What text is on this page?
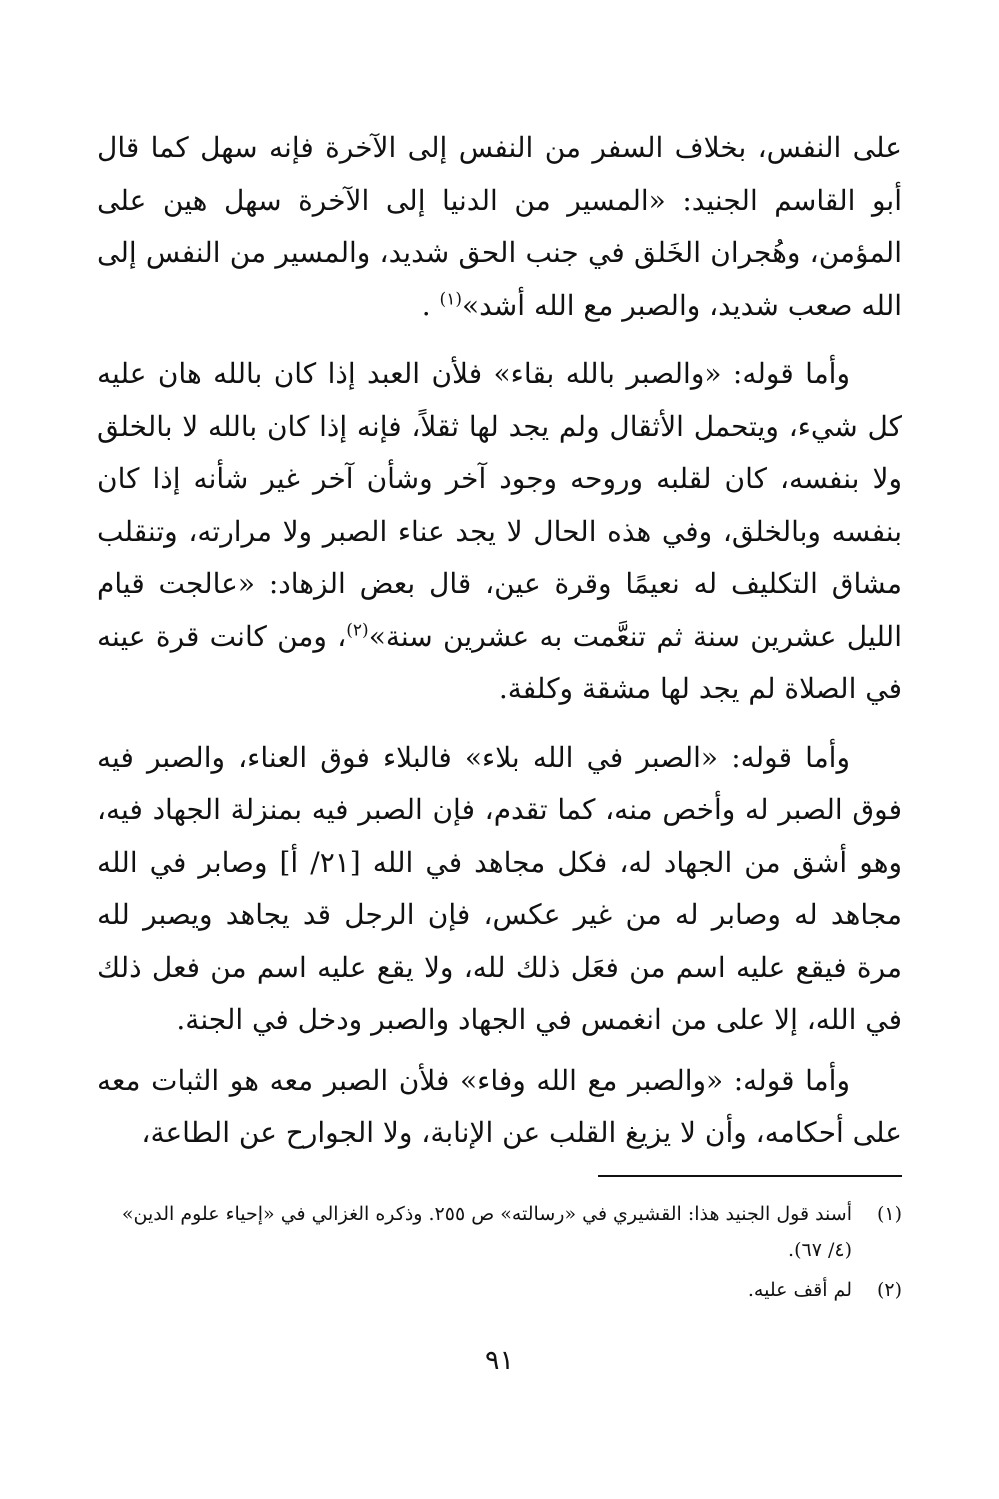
على النفس، بخلاف السفر من النفس إلى الآخرة فإنه سهل كما قال أبو القاسم الجنيد: «المسير من الدنيا إلى الآخرة سهل هين على المؤمن، وهُجران الخَلق في جنب الحق شديد، والمسير من النفس إلى الله صعب شديد، والصبر مع الله أشد»$^{(١)}$ .

وأما قوله: «والصبر بالله بقاء» فلأن العبد إذا كان بالله هان عليه كل شيء، ويتحمل الأثقال ولم يجد لها ثقلاً، فإنه إذا كان بالله لا بالخلق ولا بنفسه، كان لقلبه وروحه وجود آخر وشأن آخر غير شأنه إذا كان بنفسه وبالخلق، وفي هذه الحال لا يجد عناء الصبر ولا مرارته، وتنقلب مشاق التكليف له نعيمًا وقرة عين، قال بعض الزهاد: «عالجت قيام الليل عشرين سنة ثم تنعَّمت به عشرين سنة»$^{(٢)}$، ومن كانت قرة عينه في الصلاة لم يجد لها مشقة وكلفة.

وأما قوله: «الصبر في الله بلاء» فالبلاء فوق العناء، والصبر فيه فوق الصبر له وأخص منه، كما تقدم، فإن الصبر فيه بمنزلة الجهاد فيه، وهو أشق من الجهاد له، فكل مجاهد في الله [٢١/ أ] وصابر في الله مجاهد له وصابر له من غير عكس، فإن الرجل قد يجاهد ويصبر لله مرة فيقع عليه اسم من فعَل ذلك لله، ولا يقع عليه اسم من فعل ذلك في الله، إلا على من انغمس في الجهاد والصبر ودخل في الجنة.

وأما قوله: «والصبر مع الله وفاء» فلأن الصبر معه هو الثبات معه على أحكامه، وأن لا يزيغ القلب عن الإنابة، ولا الجوارح عن الطاعة،

(١)
أسند قول الجنيد هذا: القشيري في «رسالته» ص ٢٥٥. وذكره الغزالي في «إحياء علوم الدين» (٤/ ٦٧).
(٢)
لم أقف عليه.
٩١
